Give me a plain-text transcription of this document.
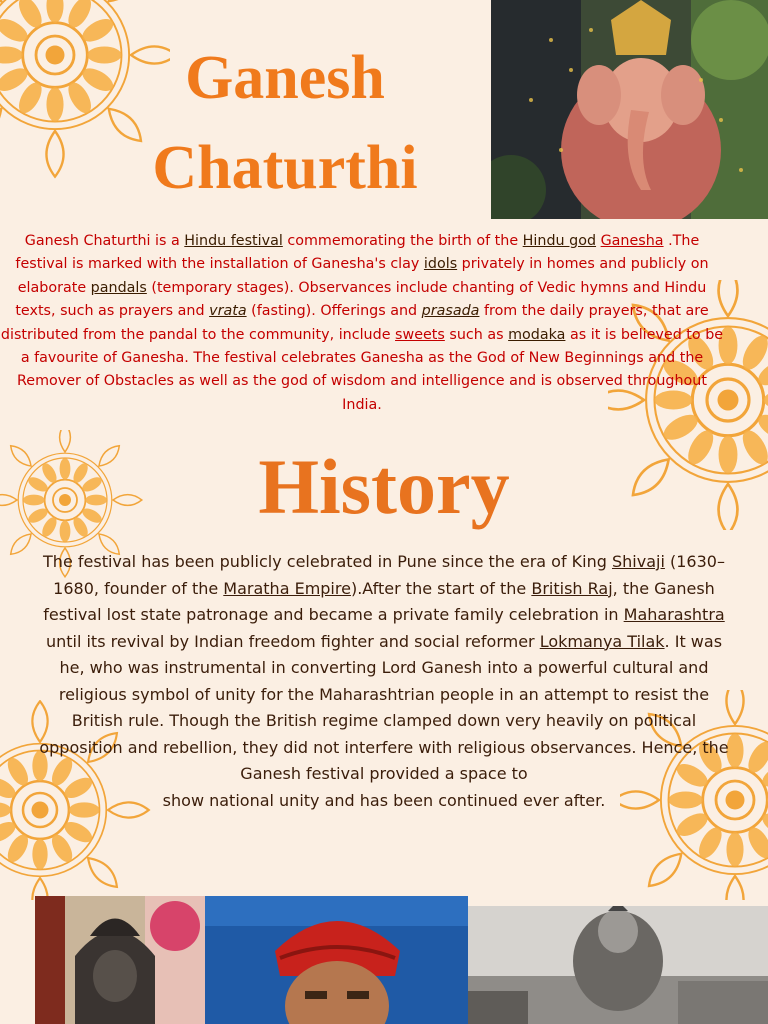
Ganesh
Chaturthi

Ganesh Chaturthi is a Hindu festival commemorating the birth of the Hindu god Ganesha .The festival is marked with the installation of Ganesha's clay idols privately in homes and publicly on elaborate pandals (temporary stages). Observances include chanting of Vedic hymns and Hindu texts, such as prayers and vrata (fasting). Offerings and prasada from the daily prayers, that are distributed from the pandal to the community, include sweets such as modaka as it is believed to be a favourite of Ganesha. The festival celebrates Ganesha as the God of New Beginnings and the Remover of Obstacles as well as the god of wisdom and intelligence and is observed throughout India.

History

The festival has been publicly celebrated in Pune since the era of King Shivaji (1630–1680, founder of the Maratha Empire).After the start of the British Raj, the Ganesh festival lost state patronage and became a private family celebration in Maharashtra until its revival by Indian freedom fighter and social reformer Lokmanya Tilak. It was he, who was instrumental in converting Lord Ganesh into a powerful cultural and religious symbol of unity for the Maharashtrian people in an attempt to resist the British rule. Though the British regime clamped down very heavily on political opposition and rebellion, they did not interfere with religious observances. Hence, the Ganesh festival provided a space to
show national unity and has been continued ever after.
